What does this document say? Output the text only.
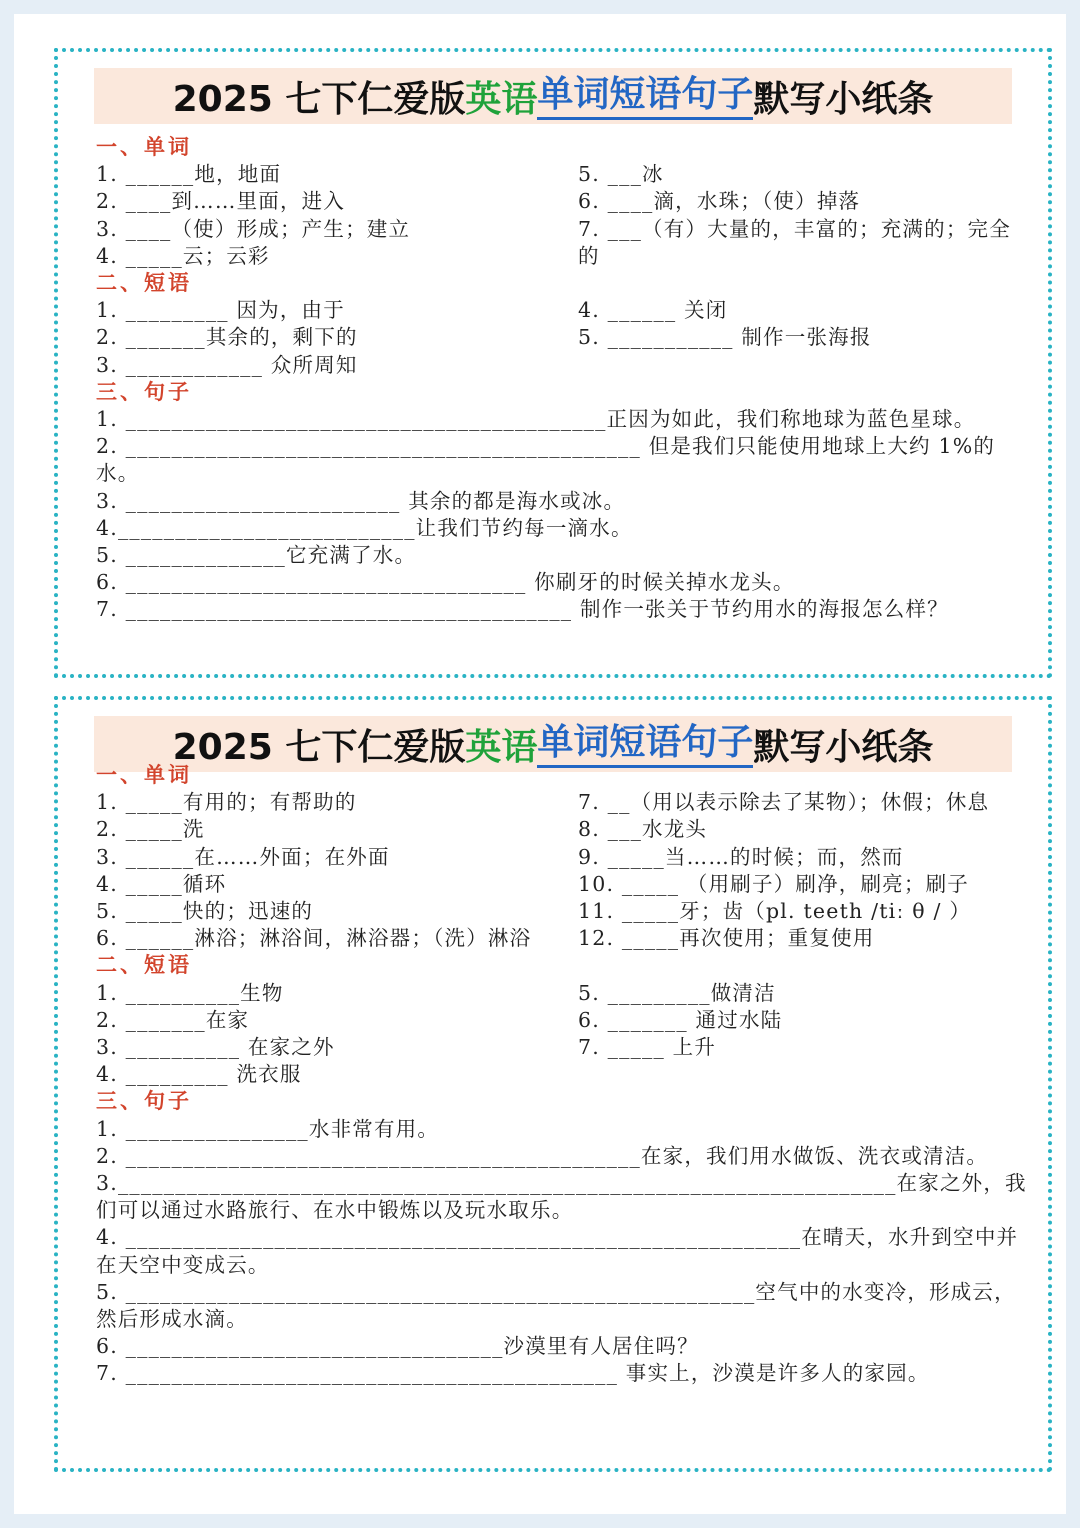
2025 七下仁爱版 英语 单词短语句子 默写小纸条
一、单词
1. ______地，地面
2. ____到……里面，进入
3. ____（使）形成；产生；建立
4. _____云；云彩
5. ___冰
6. ____滴，水珠；（使）掉落
7. ___（有）大量的，丰富的；充满的；完全的
二、短语
1. _________ 因为，由于
2. _______其余的，剩下的
3. ____________ 众所周知
4. ______ 关闭
5. ___________ 制作一张海报
三、句子
1. __________________________________________正因为如此，我们称地球为蓝色星球。
2. _____________________________________________ 但是我们只能使用地球上大约 1%的水。
3. ________________________ 其余的都是海水或冰。
4.__________________________让我们节约每一滴水。
5. ______________它充满了水。
6. ___________________________________ 你刷牙的时候关掉水龙头。
7. _______________________________________ 制作一张关于节约用水的海报怎么样？
2025 七下仁爱版 英语 单词短语句子 默写小纸条
一、单词
1. _____有用的；有帮助的
2. _____洗
3. ______在……外面；在外面
4. _____循环
5. _____快的；迅速的
6. ______淋浴；淋浴间，淋浴器；（洗）淋浴
7. __（用以表示除去了某物）；休假；休息
8. ___水龙头
9. _____当……的时候；而，然而
10. _____ （用刷子）刷净，刷亮；刷子
11. _____牙；齿（pl. teeth /tiː θ / ）
12. _____再次使用；重复使用
二、短语
1. __________生物
2. _______在家
3. __________ 在家之外
4. _________ 洗衣服
5. _________做清洁
6. _______ 通过水陆
7. _____ 上升
三、句子
1. ________________水非常有用。
2. _____________________________________________在家，我们用水做饭、洗衣或清洁。
3.____________________________________________________________________在家之外，我们可以通过水路旅行、在水中锻炼以及玩水取乐。
4. ___________________________________________________________在晴天，水升到空中并在天空中变成云。
5. _______________________________________________________空气中的水变冷，形成云，然后形成水滴。
6. _________________________________沙漠里有人居住吗？
7. ___________________________________________ 事实上，沙漠是许多人的家园。
